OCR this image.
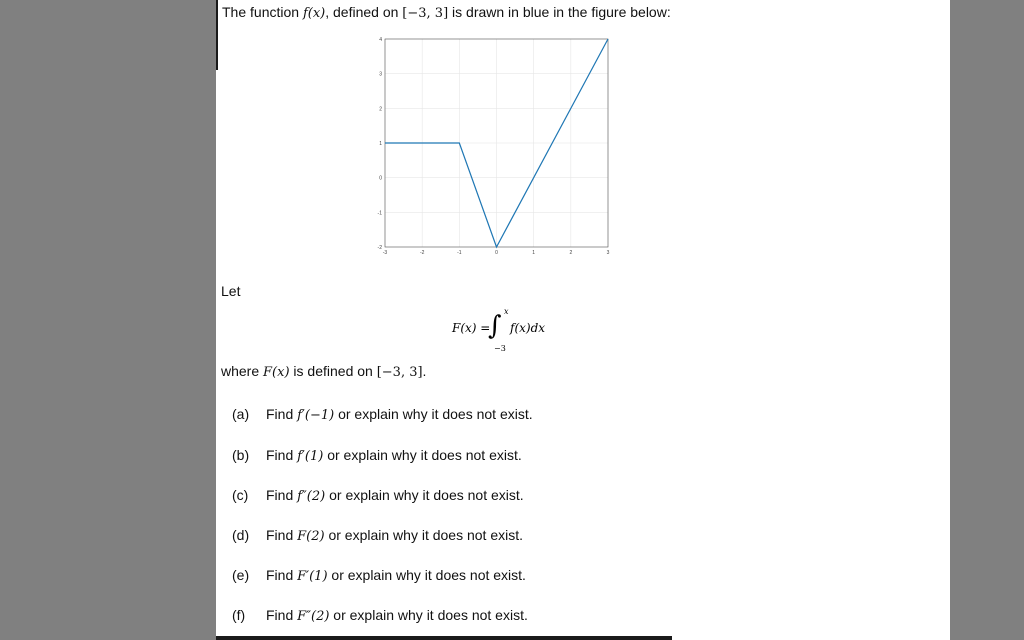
The function f(x), defined on [−3, 3] is drawn in blue in the figure below:
-3	-2	-1	0	1	2	3
-2
-1
0
1
2
3
4
Let
F(x) =
∫ x
−3
f(x)dx
where F(x) is defined on [−3, 3].
(a) Find f′(−1) or explain why it does not exist.
(b) Find f′(1) or explain why it does not exist.
(c) Find f″(2) or explain why it does not exist.
(d) Find F(2) or explain why it does not exist.
(e) Find F′(1) or explain why it does not exist.
(f) Find F″(2) or explain why it does not exist.
